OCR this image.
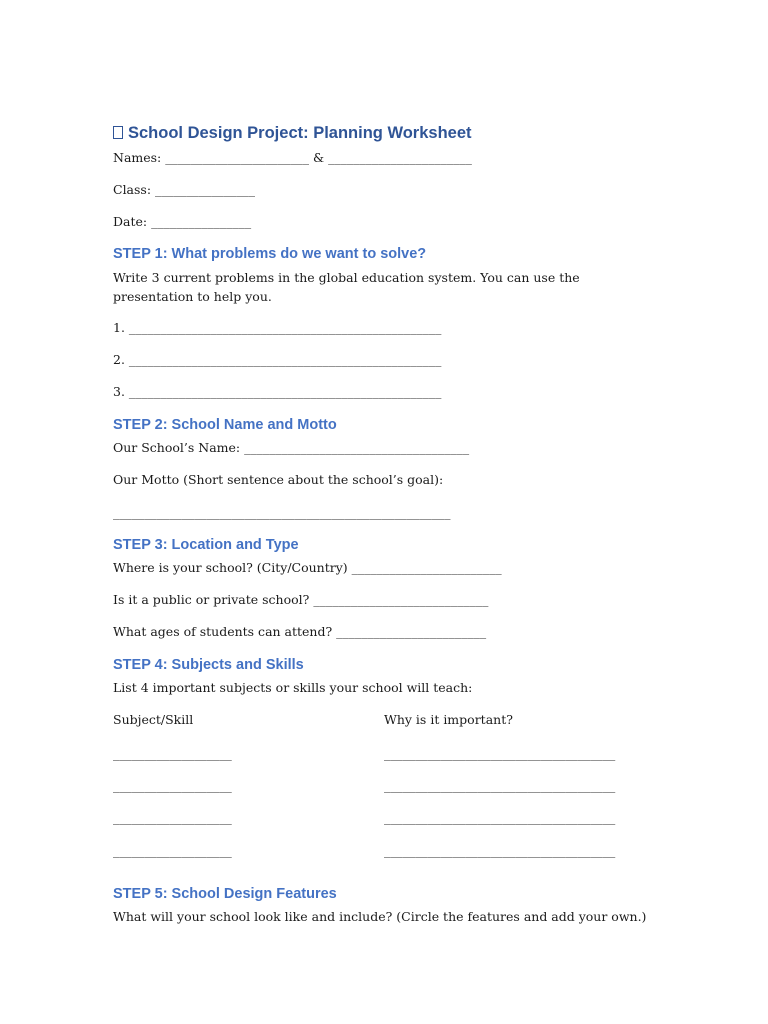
School Design Project: Planning Worksheet
Names: _______________________ & _______________________
Class: ________________
Date: ________________
STEP 1: What problems do we want to solve?
Write 3 current problems in the global education system. You can use the presentation to help you.
1. __________________________________________________
2. __________________________________________________
3. __________________________________________________
STEP 2: School Name and Motto
Our School’s Name: ____________________________________
Our Motto (Short sentence about the school’s goal):
______________________________________________________
STEP 3: Location and Type
Where is your school? (City/Country) ________________________
Is it a public or private school? ____________________________
What ages of students can attend? ________________________
STEP 4: Subjects and Skills
List 4 important subjects or skills your school will teach:
Subject/Skill	Why is it important?
___________________	_____________________________________
___________________	_____________________________________
___________________	_____________________________________
___________________	_____________________________________
STEP 5: School Design Features
What will your school look like and include? (Circle the features and add your own.)
